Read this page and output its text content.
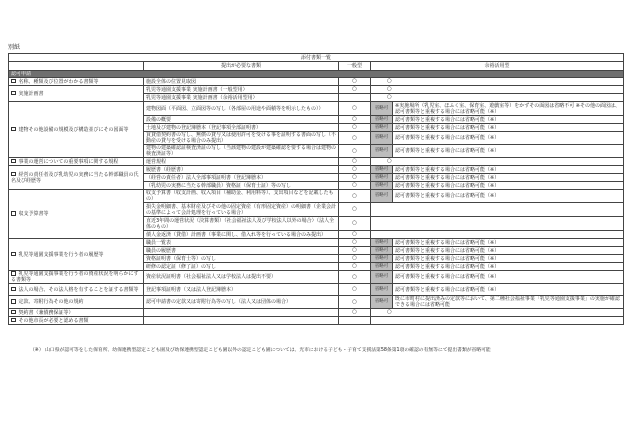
別紙
添付書類一覧				
	提出が必要な書類	一般型	余裕活用型	
認可申請				
名称、種類及び位置がわかる書類等	施設全体の位置見取図	○	○	
実施計画書	乳児等通園支援事業 実施計画書（一般型用）	○	○	
	乳児等通園支援事業 実施計画書（余裕活用型用）		○	
建物その他設備の規模及び構造並びにその図面等	建物図面（平面図、立面図等の写し（各部屋の用途や面積等を明示したもの））	○	省略可	※実施場所（乳児室、ほふく室、保育室、遊戯室等）をかずその面図は省略不可 ※その他の面図は、認可書類等と重複する場合には省略可能（※）
	設備の概要	○	省略可	認可書類等と重複する場合には省略可能（※）
	土地及び建物の登記簿謄本（登記事項全部証明書）	○	省略可	認可書類等と重複する場合には省略可能（※）
	賃貸借契約書の写し、無償の貸与又は使用許可を受ける事を証明する書面の写し（不動産の貸与を受ける場合のみ提出）	○	省略可	認可書類等と重複する場合には省略可能（※）
	建物の建築確認証検査済証の写し（当該建物の建設が建築確認を要する場合は建物の検査済証等）	○	省略可	認可書類等と重複する場合には省略可能（※）
事業の運営についての重要事項に関する規程	運営規程	○	○	
経営の責任者及び乳幼児の実務に当たる幹部職員の氏名及び経歴等	履歴書（経歴書）	○	省略可	認可書類等と重複する場合には省略可能（※）
	（経営の責任者）法人全部事項証明書（登記簿謄本）	○	省略可	認可書類等と重複する場合には省略可能（※）
	（乳幼児の実務に当たる幹部職員）資格証（保育士証）等の写し	○	省略可	認可書類等と重複する場合には省略可能（※）
収支予算書等	収支予算書（収支計画、収入項目（補助金、利用料等）、支出項目などを記載したもの）	○	省略可	認可書類等と重複する場合には省略可能（※）
	損失金明細書、基本財産及びその他の固定資産（有形固定資産）の明細書（企業会計の基準によって会計処理を行っている場合）	○		
	直近3年間の運営状況（決算書類）（社会福祉法人及び学校法人以外の場合）（法人全体のもの）	○		
	債人金返済（貸借）計画書（事業に関し、借入れ等を行っている場合のみ提出）	○		
乳児等通園支援事業を行う者の履歴等	職員一覧表	○	省略可	認可書類等と重複する場合には省略可能（※）
	職員の履歴書	○	省略可	認可書類等と重複する場合には省略可能（※）
	資格証明書（保育士等）の写し	○	省略可	認可書類等と重複する場合には省略可能（※）
	研修の認定証（修了証）の写し	○	省略可	認可書類等と重複する場合には省略可能（※）
乳児等通園支援事業を行う者の資産状況を明らかにする書類等	資産状況証明書（社会福祉法人又は学校法人は提出不要）	○	省略可	認可書類等と重複する場合には省略可能（※）
法人の場合、その法人格を有することを証する書類等	登記事項証明書（又は法人登記簿謄本）	○	省略可	認可書類等と重複する場合には省略可能（※）
定款、寄附行為その他の規約	認可申請書の定款又は寄附行為等の写し（法人又は団体の場合）	○	省略可	既に市町村に提出済みの定款等において、第二種社会福祉事業「乳児等通園支援事業」の実施が確認できる場合には省略可能
契約書（兼債務保証等）		○	○	
その他市長が必要と認める書類				
（※） 山口県が認可等をした保育所、幼保連携型認定こども園及び幼保連携型認定こども園以外の認定こども園については、光市における子ども・子育て支援法第58条第1項の確認の有無等にて提出書類が省略可能
